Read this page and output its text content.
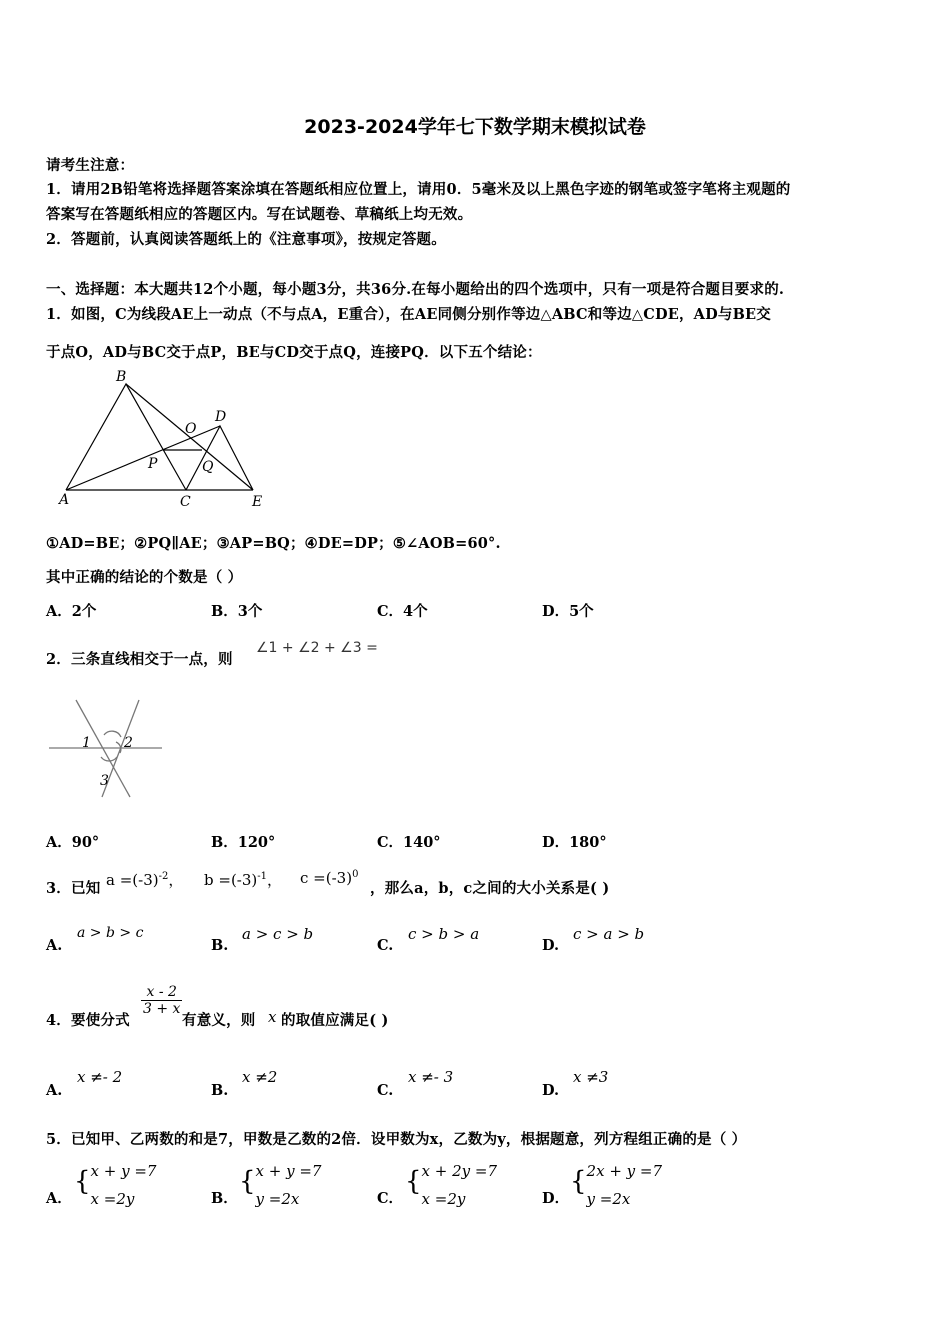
2023-2024学年七下数学期末模拟试卷
请考生注意：
1．请用2B铅笔将选择题答案涂填在答题纸相应位置上，请用0．5毫米及以上黑色字迹的钢笔或签字笔将主观题的
答案写在答题纸相应的答题区内。写在试题卷、草稿纸上均无效。
2．答题前，认真阅读答题纸上的《注意事项》，按规定答题。
一、选择题：本大题共12个小题，每小题3分，共36分.在每小题给出的四个选项中，只有一项是符合题目要求的.
1．如图，C为线段AE上一动点（不与点A，E重合），在AE同侧分别作等边△ABC和等边△CDE，AD与BE交
于点O，AD与BC交于点P，BE与CD交于点Q，连接PQ．以下五个结论：
B
D
O
P	Q
A	C	E
①AD=BE；②PQ∥AE；③AP=BQ；④DE=DP；⑤∠AOB=60°.
其中正确的结论的个数是（ ）
A．2个	B．3个	C．4个	D．5个
2．三条直线相交于一点，则
∠1 + ∠2 + ∠3 =
1 2
3
A．90°	B．120°	C．140°	D．180°
3．已知 $a =(-3)^{-2}$， $b =(-3)^{-1}$， $c =(-3)^0$
，那么a，b，c之间的大小关系是( )
A.
a > b > c
B.
a > c > b
C.
c > b > a
D.
c > a > b
4．要使分式
$\frac{x - 2}{3 + x}$
有意义，则 x 的取值应满足( )
A.
x ≠- 2
B.
x ≠2
C.
x ≠- 3
D.
x ≠3
5．已知甲、乙两数的和是7，甲数是乙数的2倍．设甲数为x，乙数为y，根据题意，列方程组正确的是（ ）
A．
{ x + y =7
x =2y	B．
{ x + y =7
y =2x	C．
{ x + 2y =7
x =2y	D．
{ 2x + y =7
y =2x
